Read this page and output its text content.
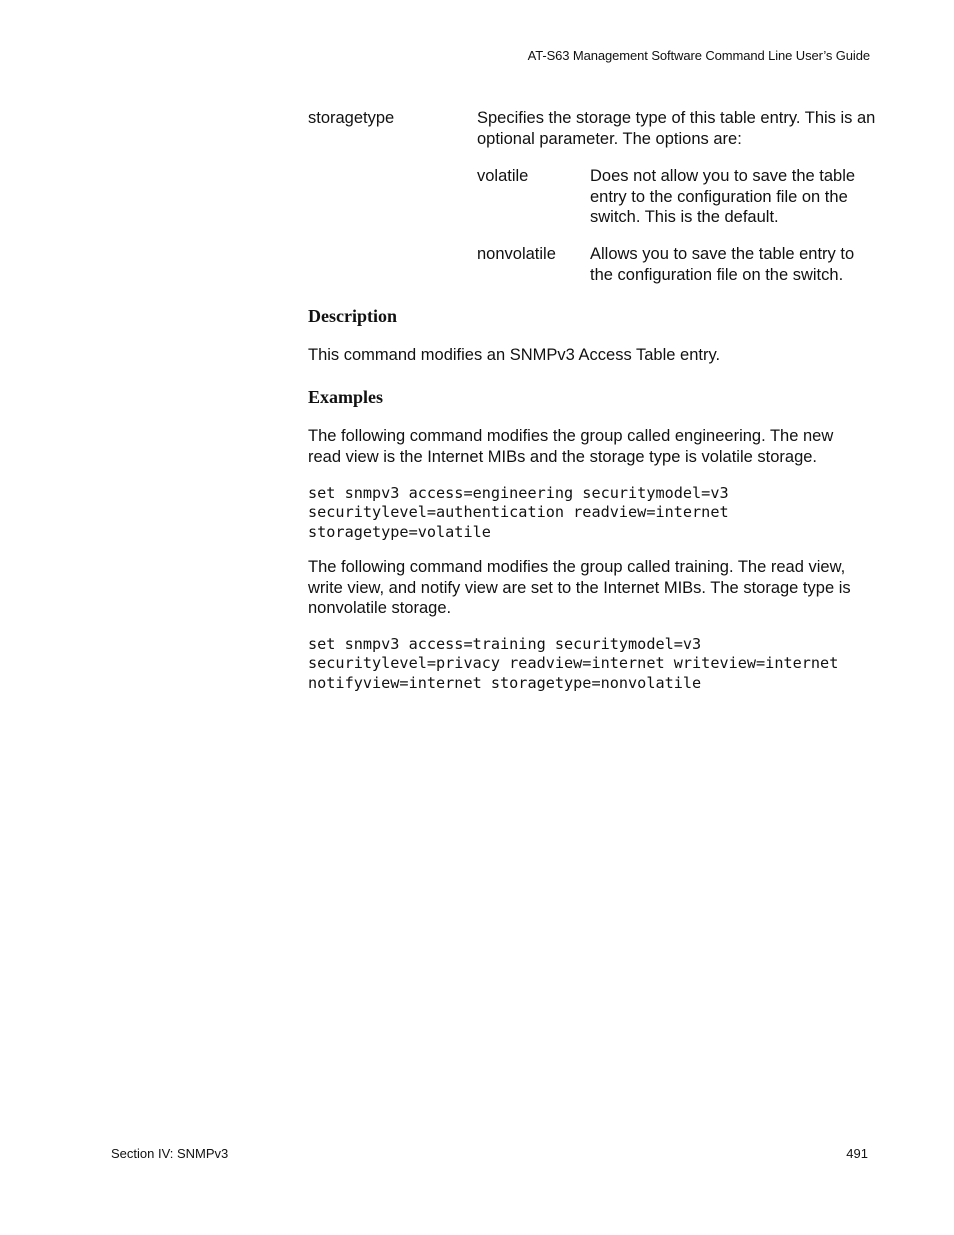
AT-S63 Management Software Command Line User’s Guide
storagetype	Specifies the storage type of this table entry. This is an optional parameter. The options are:
volatile	Does not allow you to save the table entry to the configuration file on the switch. This is the default.
nonvolatile Allows you to save the table entry to the configuration file on the switch.
Description
This command modifies an SNMPv3 Access Table entry.
Examples
The following command modifies the group called engineering. The new read view is the Internet MIBs and the storage type is volatile storage.
set snmpv3 access=engineering securitymodel=v3
securitylevel=authentication readview=internet
storagetype=volatile
The following command modifies the group called training. The read view, write view, and notify view are set to the Internet MIBs. The storage type is nonvolatile storage.
set snmpv3 access=training securitymodel=v3
securitylevel=privacy readview=internet writeview=internet
notifyview=internet storagetype=nonvolatile
Section IV: SNMPv3	491
